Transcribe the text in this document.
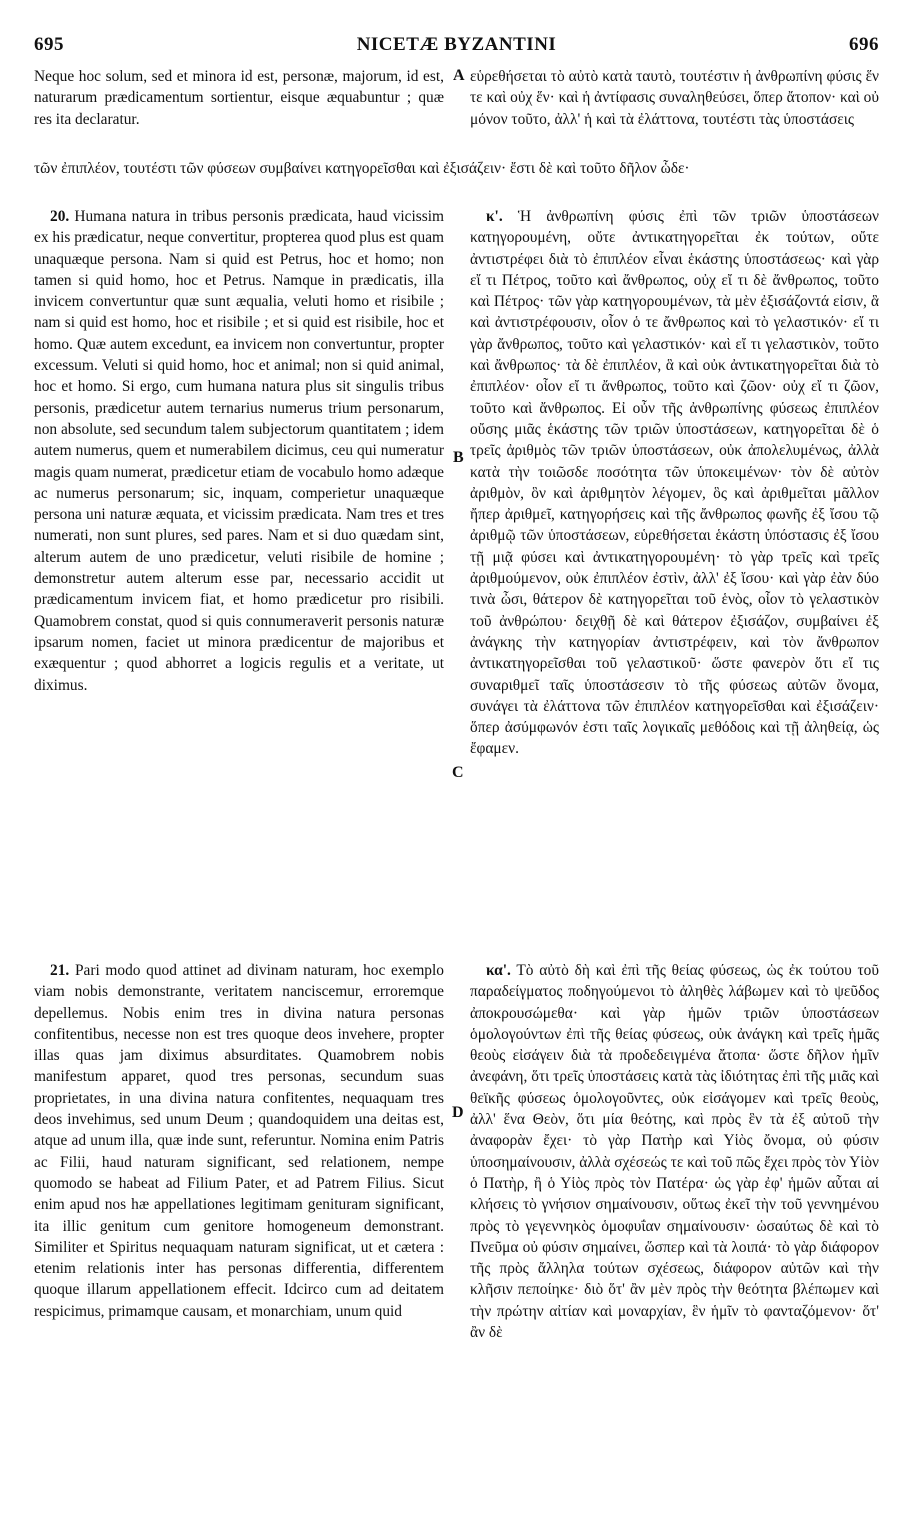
695	NICETÆ BYZANTINI	696

Neque hoc solum, sed et minora id est, personæ, majorum, id est, naturarum prædicamentum sortientur, eisque æquabuntur ; quæ res ita declaratur.

εὑρεθήσεται τὸ αὐτὸ κατὰ ταυτὸ, τουτέστιν ἡ ἀνθρωπίνη φύσις ἕν τε καὶ οὐχ ἕν· καὶ ἡ ἀντίφασις συναληθεύσει, ὅπερ ἄτοπον· καὶ οὐ μόνον τοῦτο, ἀλλ' ἡ καὶ τὰ ἐλάττονα, τουτέστι τὰς ὑποστάσεις

τῶν ἐπιπλέον, τουτέστι τῶν φύσεων συμβαίνει κατηγορεῖσθαι καὶ ἐξισάζειν· ἔστι δὲ καὶ τοῦτο δῆλον ὧδε·

20. Humana natura in tribus personis prædicata, haud vicissim ex his prædicatur, neque convertitur, propterea quod plus est quam unaquæque persona. Nam si quid est Petrus, hoc et homo; non tamen si quid homo, hoc et Petrus. Namque in prædicatis, illa invicem convertuntur quæ sunt æqualia, veluti homo et risibile ; nam si quid est homo, hoc et risibile ; et si quid est risibile, hoc et homo. Quæ autem excedunt, ea invicem non convertuntur, propter excessum. Veluti si quid homo, hoc et animal; non si quid animal, hoc et homo. Si ergo, cum humana natura plus sit singulis tribus personis, prædicetur autem ternarius numerus trium personarum, non absolute, sed secundum talem subjectorum quantitatem ; idem autem numerus, quem et numerabilem dicimus, ceu qui numeratur magis quam numerat, prædicetur etiam de vocabulo homo adæque ac numerus personarum; sic, inquam, comperietur unaquæque persona uni naturæ æquata, et vicissim prædicata. Nam tres et tres numerati, non sunt plures, sed pares. Nam et si duo quædam sint, alterum autem de uno prædicetur, veluti risibile de homine ; demonstretur autem alterum esse par, necessario accidit ut prædicamentum invicem fiat, et homo prædicetur pro risibili. Quamobrem constat, quod si quis connumeraverit personis naturæ ipsarum nomen, faciet ut minora prædicentur de majoribus et exæquentur ; quod abhorret a logicis regulis et a veritate, ut diximus.

κ'. Ἡ ἀνθρωπίνη φύσις ἐπὶ τῶν τριῶν ὑποστάσεων κατηγορουμένη, οὔτε ἀντικατηγορεῖται ἐκ τούτων, οὔτε ἀντιστρέφει διὰ τὸ ἐπιπλέον εἶναι ἑκάστης ὑποστάσεως· καὶ γὰρ εἴ τι Πέτρος, τοῦτο καὶ ἄνθρωπος, οὐχ εἴ τι δὲ ἄνθρωπος, τοῦτο καὶ Πέτρος· τῶν γὰρ κατηγορουμένων, τὰ μὲν ἐξισάζοντά εἰσιν, ἃ καὶ ἀντιστρέφουσιν, οἷον ὁ τε ἄνθρωπος καὶ τὸ γελαστικόν· εἴ τι γὰρ ἄνθρωπος, τοῦτο καὶ γελαστικόν· καὶ εἴ τι γελαστικὸν, τοῦτο καὶ ἄνθρωπος· τὰ δὲ ἐπιπλέον, ἃ καὶ οὐκ ἀντικατηγορεῖται διὰ τὸ ἐπιπλέον· οἷον εἴ τι ἄνθρωπος, τοῦτο καὶ ζῶον· οὐχ εἴ τι ζῶον, τοῦτο καὶ ἄνθρωπος. Εἰ οὖν τῆς ἀνθρωπίνης φύσεως ἐπιπλέον οὔσης μιᾶς ἑκάστης τῶν τριῶν ὑποστάσεων, κατηγορεῖται δὲ ὁ τρεῖς ἀριθμὸς τῶν τριῶν ὑποστάσεων, οὐκ ἀπολελυμένως, ἀλλὰ κατὰ τὴν τοιῶσδε ποσότητα τῶν ὑποκειμένων· τὸν δὲ αὐτὸν ἀριθμὸν, ὃν καὶ ἀριθμητὸν λέγομεν, ὃς καὶ ἀριθμεῖται μᾶλλον ἤπερ ἀριθμεῖ, κατηγορήσεις καὶ τῆς ἄνθρωπος φωνῆς ἐξ ἴσου τῷ ἀριθμῷ τῶν ὑποστάσεων, εὑρεθήσεται ἑκάστη ὑπόστασις ἐξ ἴσου τῇ μιᾷ φύσει καὶ ἀντικατηγορουμένη· τὸ γὰρ τρεῖς καὶ τρεῖς ἀριθμούμενον, οὐκ ἐπιπλέον ἐστὶν, ἀλλ' ἐξ ἴσου· καὶ γὰρ ἐὰν δύο τινὰ ὦσι, θάτερον δὲ κατηγορεῖται τοῦ ἑνὸς, οἷον τὸ γελαστικὸν τοῦ ἀνθρώπου· δειχθῇ δὲ καὶ θάτερον ἐξισάζον, συμβαίνει ἐξ ἀνάγκης τὴν κατηγορίαν ἀντιστρέφειν, καὶ τὸν ἄνθρωπον ἀντικατηγορεῖσθαι τοῦ γελαστικοῦ· ὥστε φανερὸν ὅτι εἴ τις συναριθμεῖ ταῖς ὑποστάσεσιν τὸ τῆς φύσεως αὐτῶν ὄνομα, συνάγει τὰ ἐλάττονα τῶν ἐπιπλέον κατηγορεῖσθαι καὶ ἐξισάζειν· ὅπερ ἀσύμφωνόν ἐστι ταῖς λογικαῖς μεθόδοις καὶ τῇ ἀληθείᾳ, ὡς ἔφαμεν.

21. Pari modo quod attinet ad divinam naturam, hoc exemplo viam nobis demonstrante, veritatem nanciscemur, erroremque depellemus. Nobis enim tres in divina natura personas confitentibus, necesse non est tres quoque deos invehere, propter illas quas jam diximus absurditates. Quamobrem nobis manifestum apparet, quod tres personas, secundum suas proprietates, in una divina natura confitentes, nequaquam tres deos invehimus, sed unum Deum ; quandoquidem una deitas est, atque ad unum illa, quæ inde sunt, referuntur. Nomina enim Patris ac Filii, haud naturam significant, sed relationem, nempe quomodo se habeat ad Filium Pater, et ad Patrem Filius. Sicut enim apud nos hæ appellationes legitimam genituram significant, ita illic genitum cum genitore homogeneum demonstrant. Similiter et Spiritus nequaquam naturam significat, ut et cætera : etenim relationis inter has personas differentia, differentem quoque illarum appellationem effecit. Idcirco cum ad deitatem respicimus, primamque causam, et monarchiam, unum quid

κα'. Τὸ αὐτὸ δὴ καὶ ἐπὶ τῆς θείας φύσεως, ὡς ἐκ τούτου τοῦ παραδείγματος ποδηγούμενοι τὸ ἀληθὲς λάβωμεν καὶ τὸ ψεῦδος ἀποκρουσώμεθα· καὶ γὰρ ἡμῶν τριῶν ὑποστάσεων ὁμολογούντων ἐπὶ τῆς θείας φύσεως, οὐκ ἀνάγκη καὶ τρεῖς ἡμᾶς θεοὺς εἰσάγειν διὰ τὰ προδεδειγμένα ἄτοπα· ὥστε δῆλον ἡμῖν ἀνεφάνη, ὅτι τρεῖς ὑποστάσεις κατὰ τὰς ἰδιότητας ἐπὶ τῆς μιᾶς καὶ θεϊκῆς φύσεως ὁμολογοῦντες, οὐκ εἰσάγομεν καὶ τρεῖς θεοὺς, ἀλλ' ἕνα Θεὸν, ὅτι μία θεότης, καὶ πρὸς ἓν τὰ ἐξ αὐτοῦ τὴν ἀναφορὰν ἔχει· τὸ γὰρ Πατὴρ καὶ Υἱὸς ὄνομα, οὐ φύσιν ὑποσημαίνουσιν, ἀλλὰ σχέσεώς τε καὶ τοῦ πῶς ἔχει πρὸς τὸν Υἱὸν ὁ Πατὴρ, ἢ ὁ Υἱὸς πρὸς τὸν Πατέρα· ὡς γὰρ ἐφ' ἡμῶν αὗται αἱ κλήσεις τὸ γνήσιον σημαίνουσιν, οὕτως ἐκεῖ τὴν τοῦ γεννημένου πρὸς τὸ γεγεννηκὸς ὁμοφυΐαν σημαίνουσιν· ὡσαύτως δὲ καὶ τὸ Πνεῦμα οὐ φύσιν σημαίνει, ὥσπερ καὶ τὰ λοιπά· τὸ γὰρ διάφορον τῆς πρὸς ἄλληλα τούτων σχέσεως, διάφορον αὐτῶν καὶ τὴν κλῆσιν πεποίηκε· διὸ ὅτ' ἂν μὲν πρὸς τὴν θεότητα βλέπωμεν καὶ τὴν πρώτην αἰτίαν καὶ μοναρχίαν, ἓν ἡμῖν τὸ φανταζόμενον· ὅτ' ἂν δὲ

A
B
C
D
